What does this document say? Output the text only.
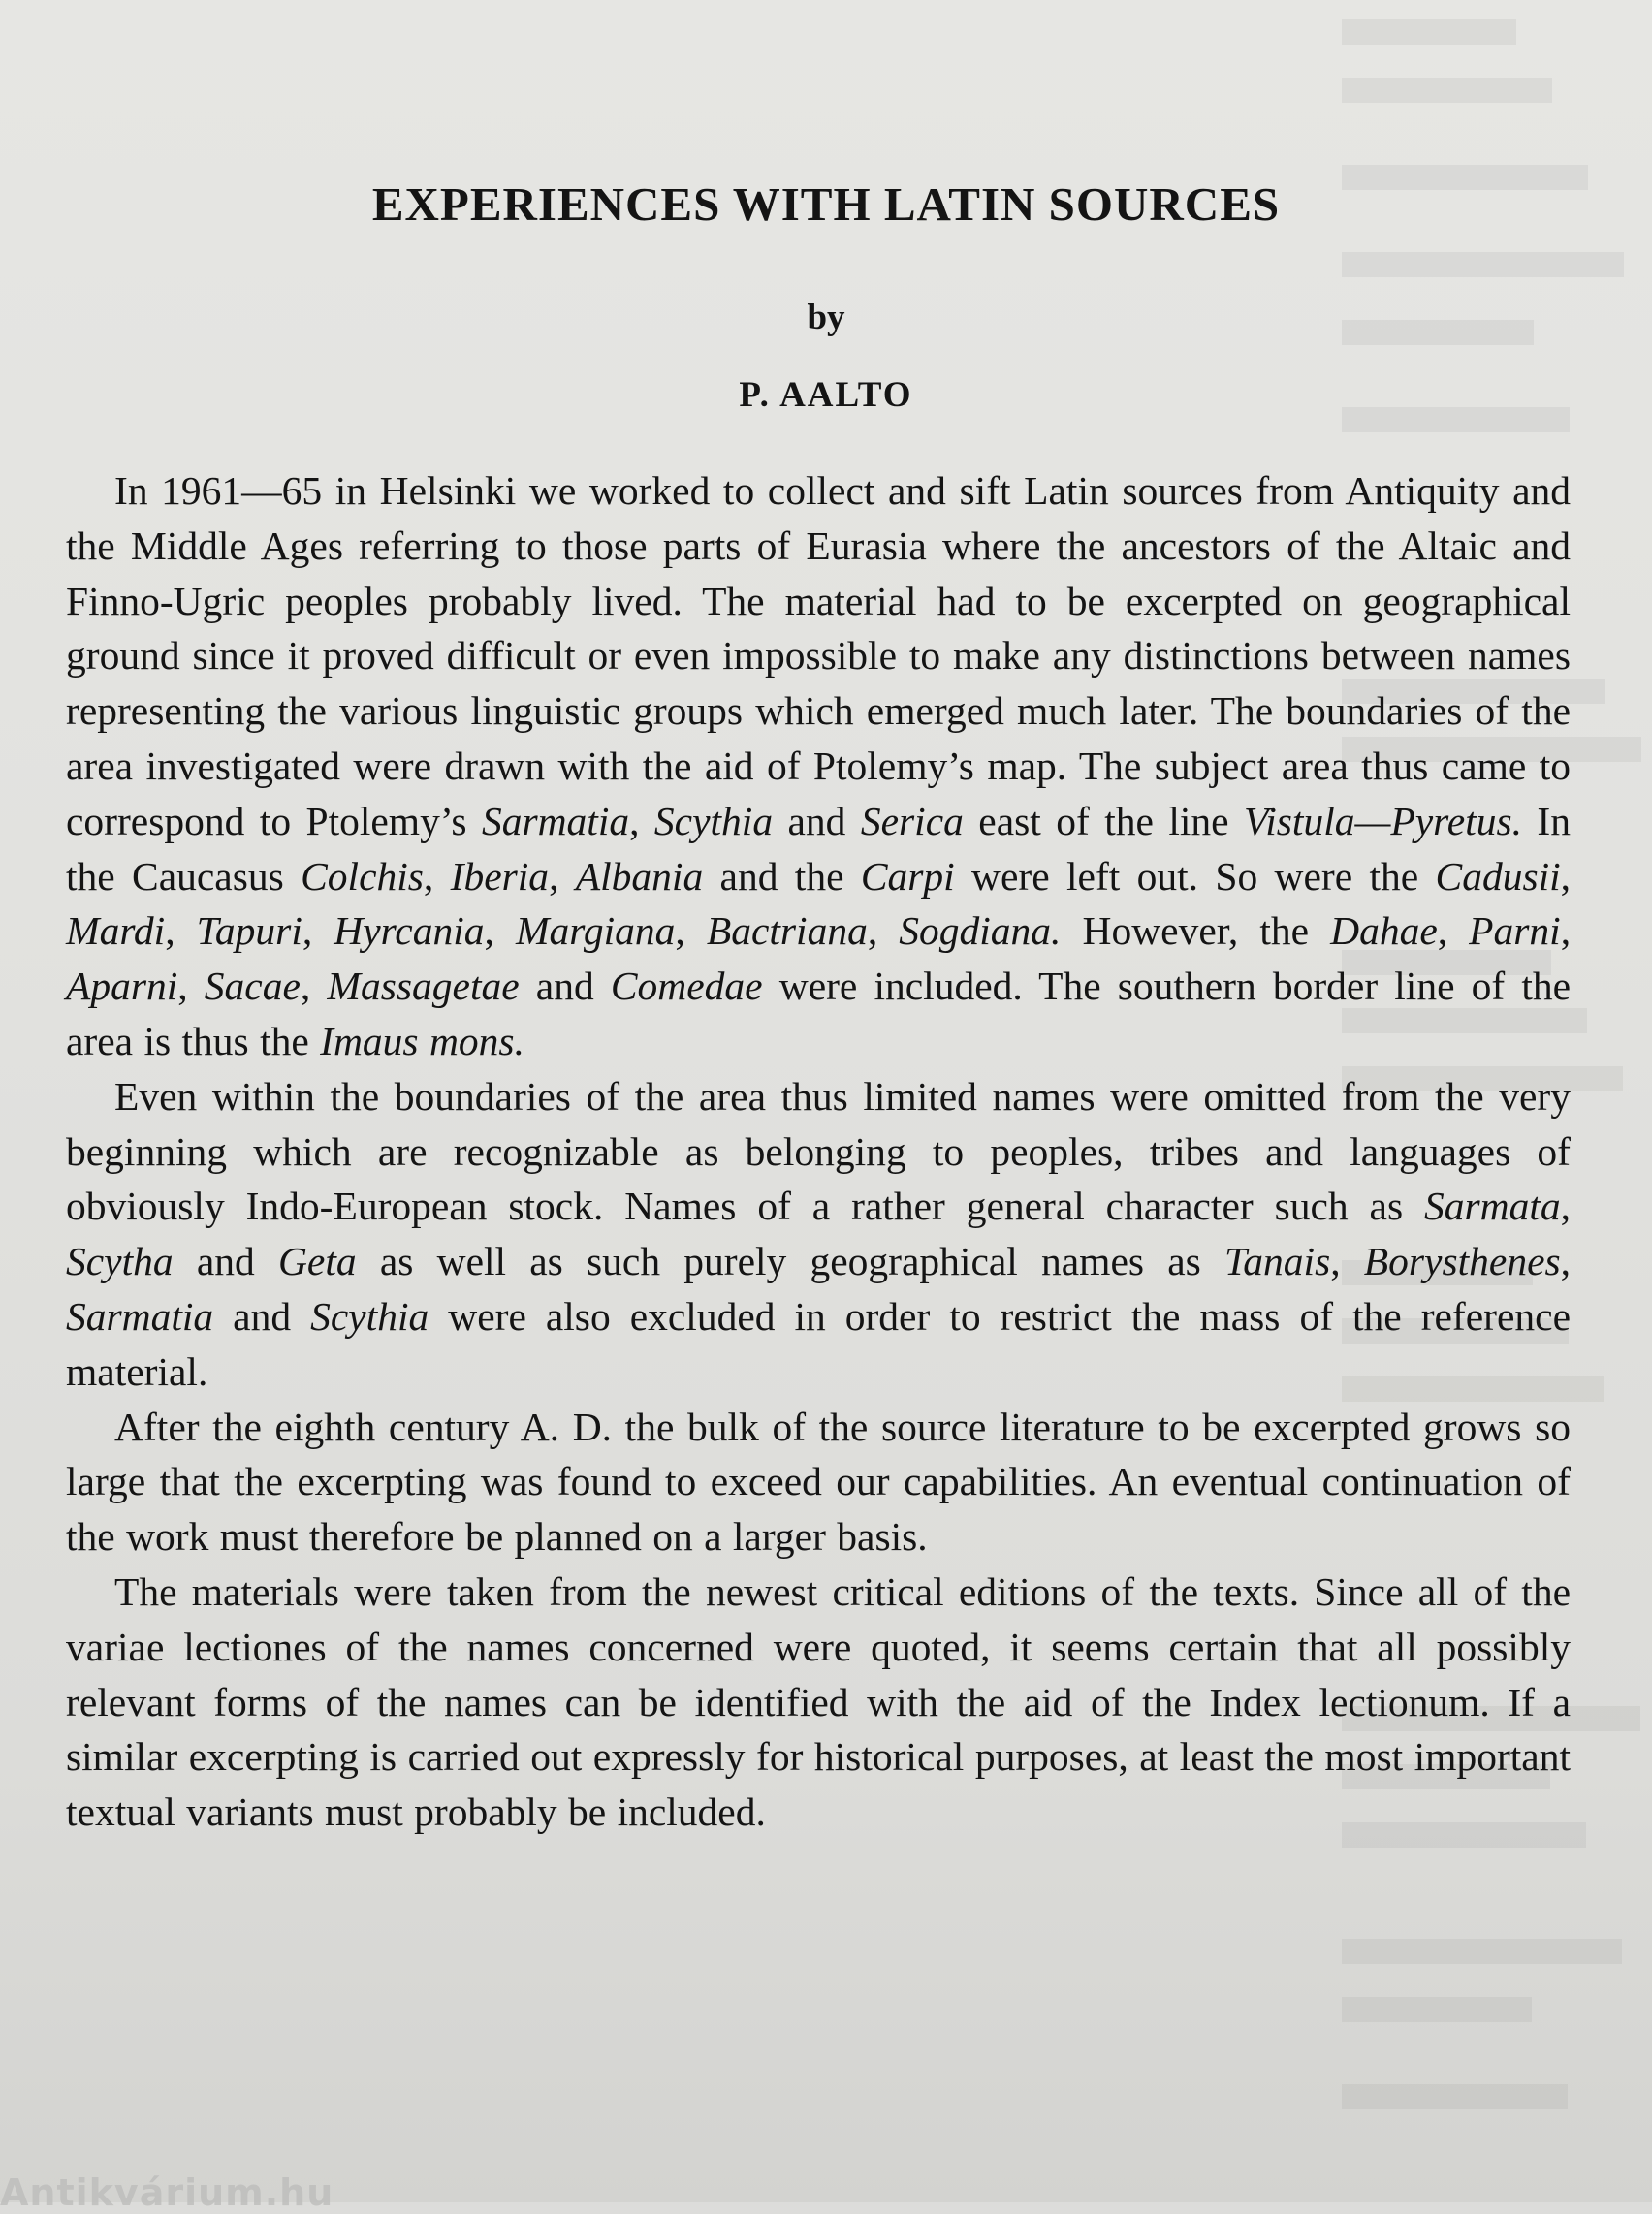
EXPERIENCES WITH LATIN SOURCES
by
P. AALTO

In 1961—65 in Helsinki we worked to collect and sift Latin sources from Antiquity and the Middle Ages referring to those parts of Eurasia where the ancestors of the Altaic and Finno-Ugric peoples probably lived. The material had to be excerpted on geographical ground since it proved difficult or even impossible to make any distinctions between names representing the various linguistic groups which emerged much later. The boundaries of the area investigated were drawn with the aid of Ptolemy’s map. The subject area thus came to correspond to Ptolemy’s Sarmatia, Scythia and Serica east of the line Vistula—Pyretus. In the Caucasus Colchis, Iberia, Albania and the Carpi were left out. So were the Cadusii, Mardi, Tapuri, Hyrcania, Margiana, Bactriana, Sogdiana. However, the Dahae, Parni, Aparni, Sacae, Massagetae and Comedae were included. The southern border line of the area is thus the Imaus mons.

Even within the boundaries of the area thus limited names were omitted from the very beginning which are recognizable as belonging to peoples, tribes and languages of obviously Indo-European stock. Names of a rather general character such as Sarmata, Scytha and Geta as well as such purely geographical names as Tanais, Borysthenes, Sarmatia and Scythia were also excluded in order to restrict the mass of the reference material.

After the eighth century A. D. the bulk of the source literature to be excerpted grows so large that the excerpting was found to exceed our capabilities. An eventual continuation of the work must therefore be planned on a larger basis.

The materials were taken from the newest critical editions of the texts. Since all of the variae lectiones of the names concerned were quoted, it seems certain that all possibly relevant forms of the names can be identified with the aid of the Index lectionum. If a similar excerpting is carried out expressly for historical purposes, at least the most important textual variants must probably be included.

Antikvárium.hu
